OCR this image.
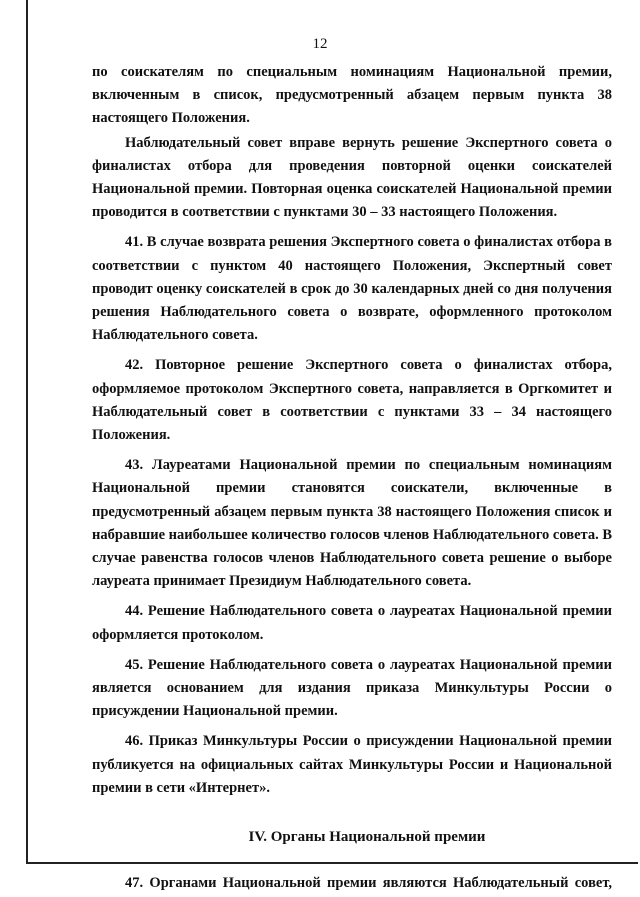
12

по соискателям по специальным номинациям Национальной премии, включенным в список, предусмотренный абзацем первым пункта 38 настоящего Положения.

Наблюдательный совет вправе вернуть решение Экспертного совета о финалистах отбора для проведения повторной оценки соискателей Национальной премии. Повторная оценка соискателей Национальной премии проводится в соответствии с пунктами 30 – 33 настоящего Положения.

41. В случае возврата решения Экспертного совета о финалистах отбора в соответствии с пунктом 40 настоящего Положения, Экспертный совет проводит оценку соискателей в срок до 30 календарных дней со дня получения решения Наблюдательного совета о возврате, оформленного протоколом Наблюдательного совета.

42. Повторное решение Экспертного совета о финалистах отбора, оформляемое протоколом Экспертного совета, направляется в Оргкомитет и Наблюдательный совет в соответствии с пунктами 33 – 34 настоящего Положения.

43. Лауреатами Национальной премии по специальным номинациям Национальной премии становятся соискатели, включенные в предусмотренный абзацем первым пункта 38 настоящего Положения список и набравшие наибольшее количество голосов членов Наблюдательного совета. В случае равенства голосов членов Наблюдательного совета решение о выборе лауреата принимает Президиум Наблюдательного совета.

44. Решение Наблюдательного совета о лауреатах Национальной премии оформляется протоколом.

45. Решение Наблюдательного совета о лауреатах Национальной премии является основанием для издания приказа Минкультуры России о присуждении Национальной премии.

46. Приказ Минкультуры России о присуждении Национальной премии публикуется на официальных сайтах Минкультуры России и Национальной премии в сети «Интернет».

IV. Органы Национальной премии

47. Органами Национальной премии являются Наблюдательный совет,
